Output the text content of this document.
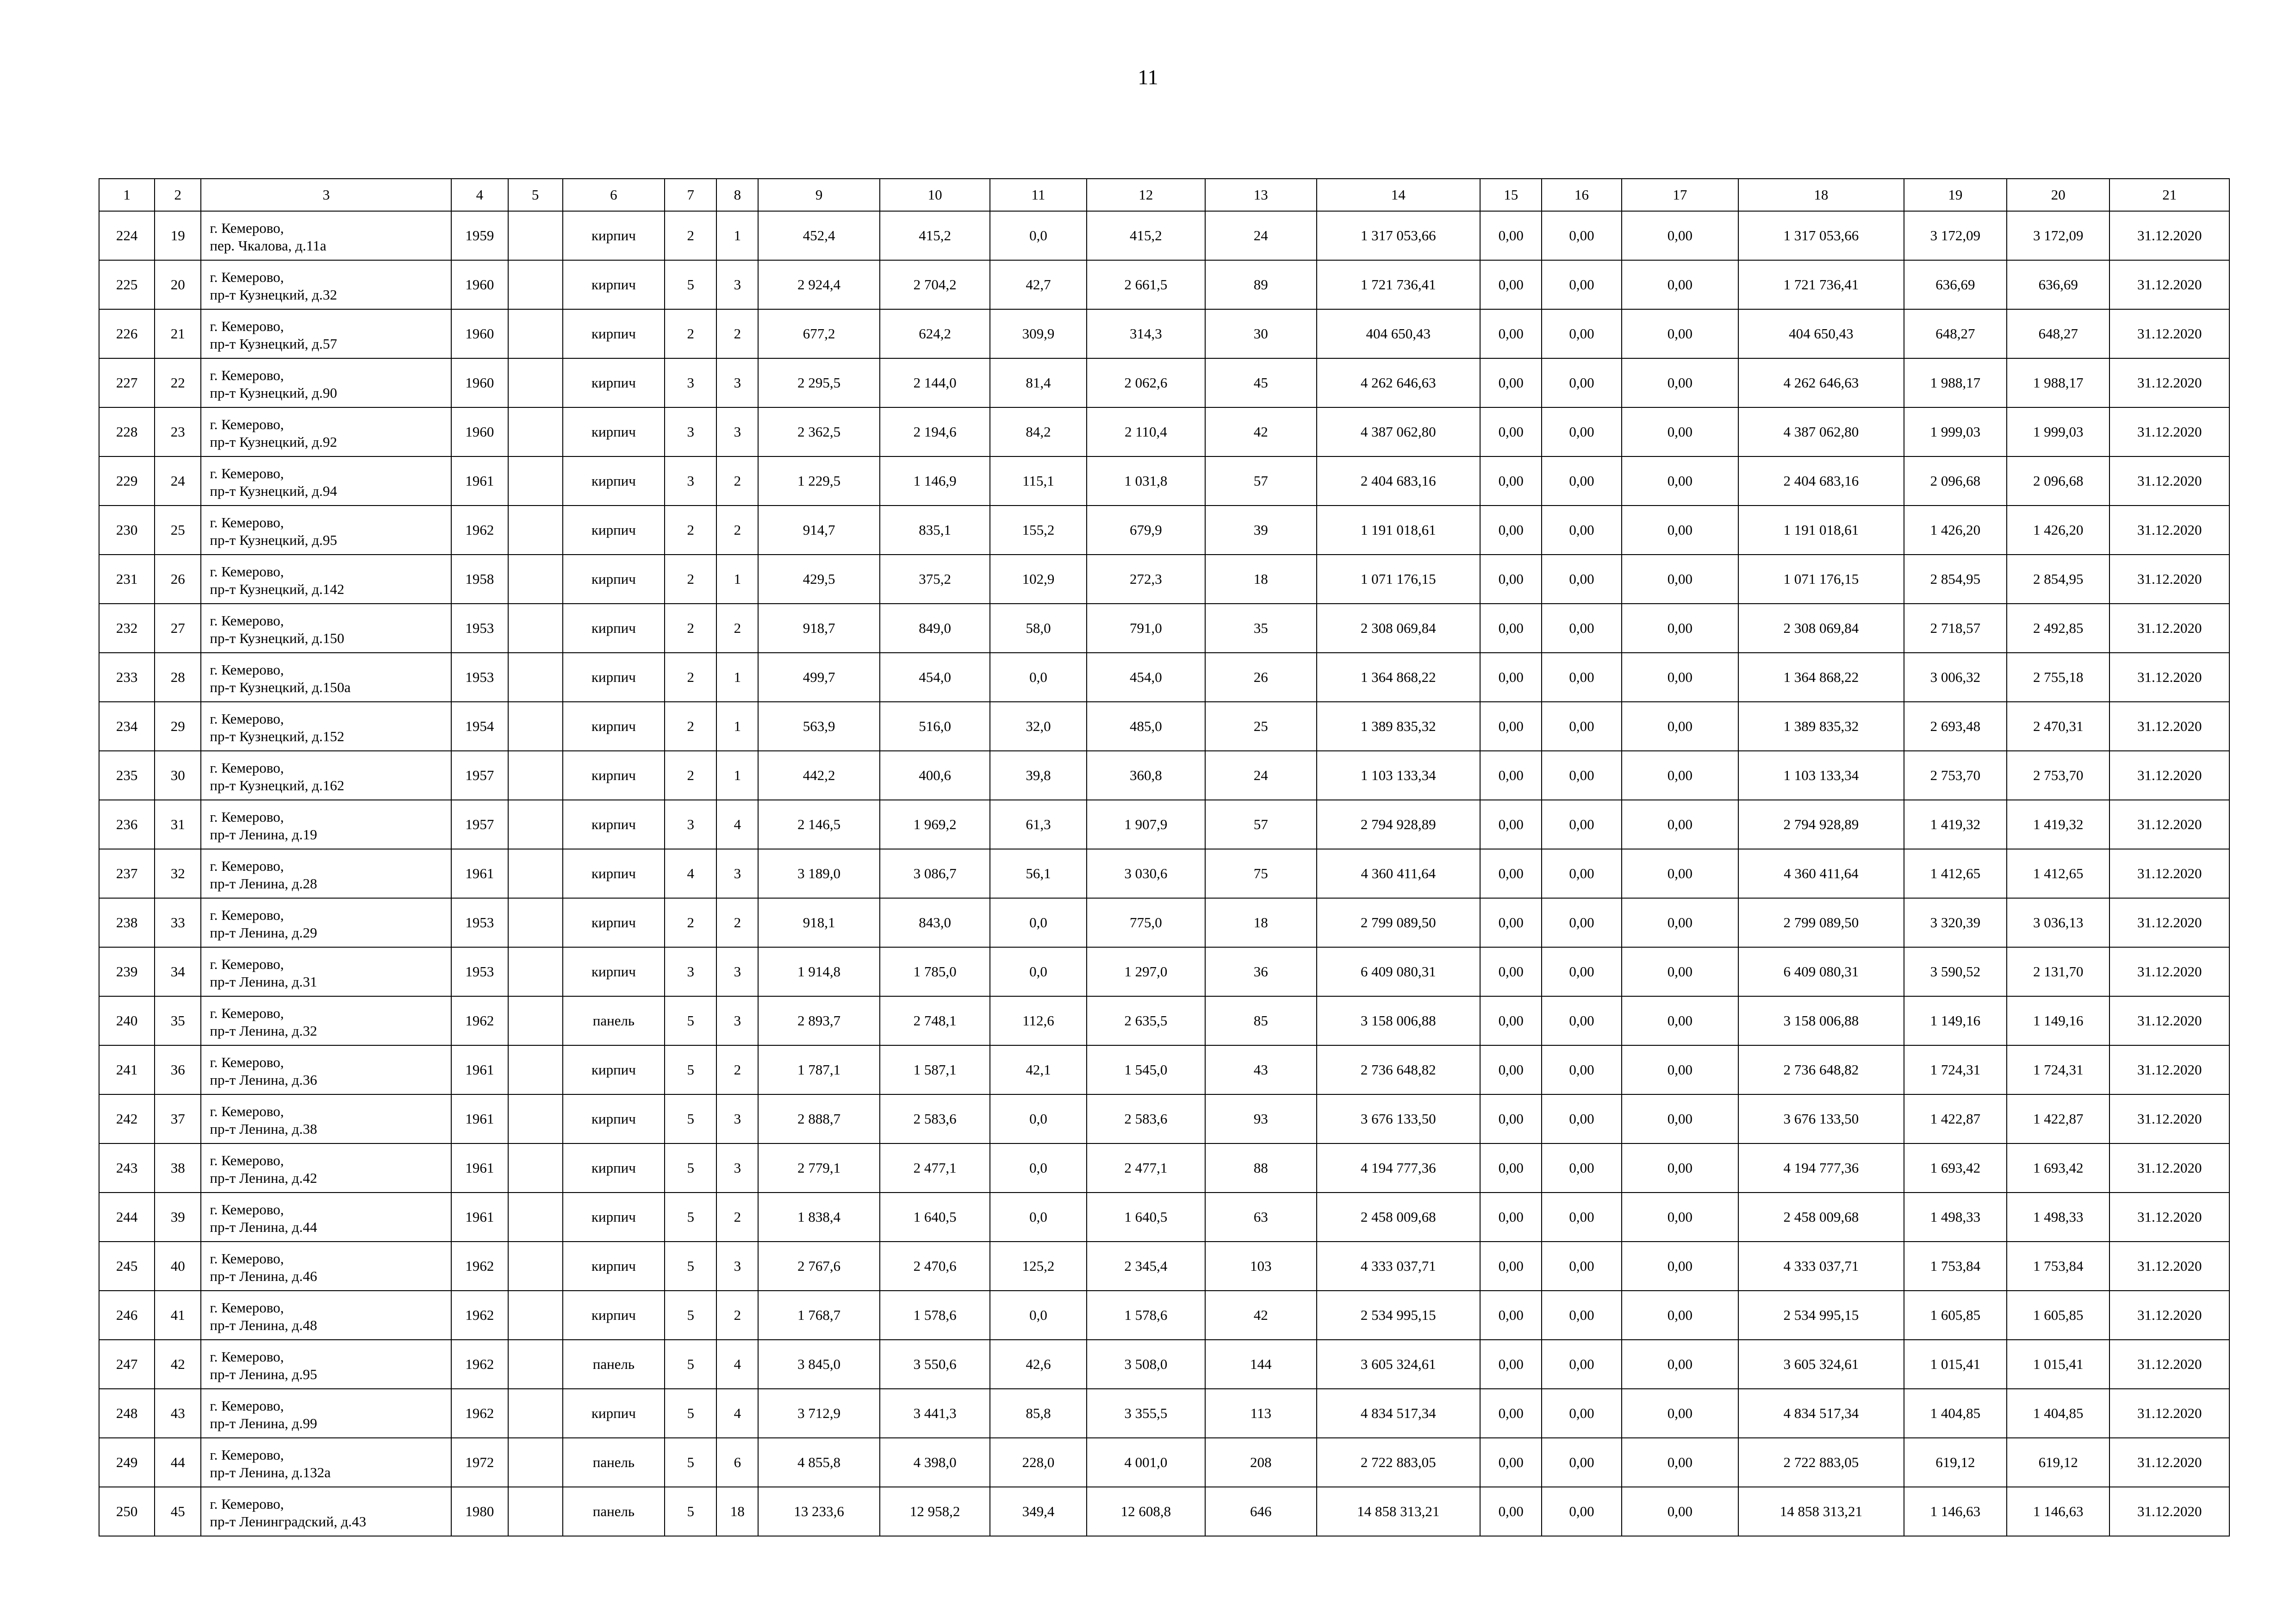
11
1	2	3	4	5	6	7	8	9	10	11	12	13	14	15	16	17	18	19	20	21
224	19	г. Кемерово,
пер. Чкалова, д.11а	1959		кирпич	2	1	452,4	415,2	0,0	415,2	24	1 317 053,66	0,00	0,00	0,00	1 317 053,66	3 172,09	3 172,09	31.12.2020
225	20	г. Кемерово,
пр-т Кузнецкий, д.32	1960		кирпич	5	3	2 924,4	2 704,2	42,7	2 661,5	89	1 721 736,41	0,00	0,00	0,00	1 721 736,41	636,69	636,69	31.12.2020
226	21	г. Кемерово,
пр-т Кузнецкий, д.57	1960		кирпич	2	2	677,2	624,2	309,9	314,3	30	404 650,43	0,00	0,00	0,00	404 650,43	648,27	648,27	31.12.2020
227	22	г. Кемерово,
пр-т Кузнецкий, д.90	1960		кирпич	3	3	2 295,5	2 144,0	81,4	2 062,6	45	4 262 646,63	0,00	0,00	0,00	4 262 646,63	1 988,17	1 988,17	31.12.2020
228	23	г. Кемерово,
пр-т Кузнецкий, д.92	1960		кирпич	3	3	2 362,5	2 194,6	84,2	2 110,4	42	4 387 062,80	0,00	0,00	0,00	4 387 062,80	1 999,03	1 999,03	31.12.2020
229	24	г. Кемерово,
пр-т Кузнецкий, д.94	1961		кирпич	3	2	1 229,5	1 146,9	115,1	1 031,8	57	2 404 683,16	0,00	0,00	0,00	2 404 683,16	2 096,68	2 096,68	31.12.2020
230	25	г. Кемерово,
пр-т Кузнецкий, д.95	1962		кирпич	2	2	914,7	835,1	155,2	679,9	39	1 191 018,61	0,00	0,00	0,00	1 191 018,61	1 426,20	1 426,20	31.12.2020
231	26	г. Кемерово,
пр-т Кузнецкий, д.142	1958		кирпич	2	1	429,5	375,2	102,9	272,3	18	1 071 176,15	0,00	0,00	0,00	1 071 176,15	2 854,95	2 854,95	31.12.2020
232	27	г. Кемерово,
пр-т Кузнецкий, д.150	1953		кирпич	2	2	918,7	849,0	58,0	791,0	35	2 308 069,84	0,00	0,00	0,00	2 308 069,84	2 718,57	2 492,85	31.12.2020
233	28	г. Кемерово,
пр-т Кузнецкий, д.150а	1953		кирпич	2	1	499,7	454,0	0,0	454,0	26	1 364 868,22	0,00	0,00	0,00	1 364 868,22	3 006,32	2 755,18	31.12.2020
234	29	г. Кемерово,
пр-т Кузнецкий, д.152	1954		кирпич	2	1	563,9	516,0	32,0	485,0	25	1 389 835,32	0,00	0,00	0,00	1 389 835,32	2 693,48	2 470,31	31.12.2020
235	30	г. Кемерово,
пр-т Кузнецкий, д.162	1957		кирпич	2	1	442,2	400,6	39,8	360,8	24	1 103 133,34	0,00	0,00	0,00	1 103 133,34	2 753,70	2 753,70	31.12.2020
236	31	г. Кемерово,
пр-т Ленина, д.19	1957		кирпич	3	4	2 146,5	1 969,2	61,3	1 907,9	57	2 794 928,89	0,00	0,00	0,00	2 794 928,89	1 419,32	1 419,32	31.12.2020
237	32	г. Кемерово,
пр-т Ленина, д.28	1961		кирпич	4	3	3 189,0	3 086,7	56,1	3 030,6	75	4 360 411,64	0,00	0,00	0,00	4 360 411,64	1 412,65	1 412,65	31.12.2020
238	33	г. Кемерово,
пр-т Ленина, д.29	1953		кирпич	2	2	918,1	843,0	0,0	775,0	18	2 799 089,50	0,00	0,00	0,00	2 799 089,50	3 320,39	3 036,13	31.12.2020
239	34	г. Кемерово,
пр-т Ленина, д.31	1953		кирпич	3	3	1 914,8	1 785,0	0,0	1 297,0	36	6 409 080,31	0,00	0,00	0,00	6 409 080,31	3 590,52	2 131,70	31.12.2020
240	35	г. Кемерово,
пр-т Ленина, д.32	1962		панель	5	3	2 893,7	2 748,1	112,6	2 635,5	85	3 158 006,88	0,00	0,00	0,00	3 158 006,88	1 149,16	1 149,16	31.12.2020
241	36	г. Кемерово,
пр-т Ленина, д.36	1961		кирпич	5	2	1 787,1	1 587,1	42,1	1 545,0	43	2 736 648,82	0,00	0,00	0,00	2 736 648,82	1 724,31	1 724,31	31.12.2020
242	37	г. Кемерово,
пр-т Ленина, д.38	1961		кирпич	5	3	2 888,7	2 583,6	0,0	2 583,6	93	3 676 133,50	0,00	0,00	0,00	3 676 133,50	1 422,87	1 422,87	31.12.2020
243	38	г. Кемерово,
пр-т Ленина, д.42	1961		кирпич	5	3	2 779,1	2 477,1	0,0	2 477,1	88	4 194 777,36	0,00	0,00	0,00	4 194 777,36	1 693,42	1 693,42	31.12.2020
244	39	г. Кемерово,
пр-т Ленина, д.44	1961		кирпич	5	2	1 838,4	1 640,5	0,0	1 640,5	63	2 458 009,68	0,00	0,00	0,00	2 458 009,68	1 498,33	1 498,33	31.12.2020
245	40	г. Кемерово,
пр-т Ленина, д.46	1962		кирпич	5	3	2 767,6	2 470,6	125,2	2 345,4	103	4 333 037,71	0,00	0,00	0,00	4 333 037,71	1 753,84	1 753,84	31.12.2020
246	41	г. Кемерово,
пр-т Ленина, д.48	1962		кирпич	5	2	1 768,7	1 578,6	0,0	1 578,6	42	2 534 995,15	0,00	0,00	0,00	2 534 995,15	1 605,85	1 605,85	31.12.2020
247	42	г. Кемерово,
пр-т Ленина, д.95	1962		панель	5	4	3 845,0	3 550,6	42,6	3 508,0	144	3 605 324,61	0,00	0,00	0,00	3 605 324,61	1 015,41	1 015,41	31.12.2020
248	43	г. Кемерово,
пр-т Ленина, д.99	1962		кирпич	5	4	3 712,9	3 441,3	85,8	3 355,5	113	4 834 517,34	0,00	0,00	0,00	4 834 517,34	1 404,85	1 404,85	31.12.2020
249	44	г. Кемерово,
пр-т Ленина, д.132а	1972		панель	5	6	4 855,8	4 398,0	228,0	4 001,0	208	2 722 883,05	0,00	0,00	0,00	2 722 883,05	619,12	619,12	31.12.2020
250	45	г. Кемерово,
пр-т Ленинградский, д.43	1980		панель	5	18	13 233,6	12 958,2	349,4	12 608,8	646	14 858 313,21	0,00	0,00	0,00	14 858 313,21	1 146,63	1 146,63	31.12.2020
